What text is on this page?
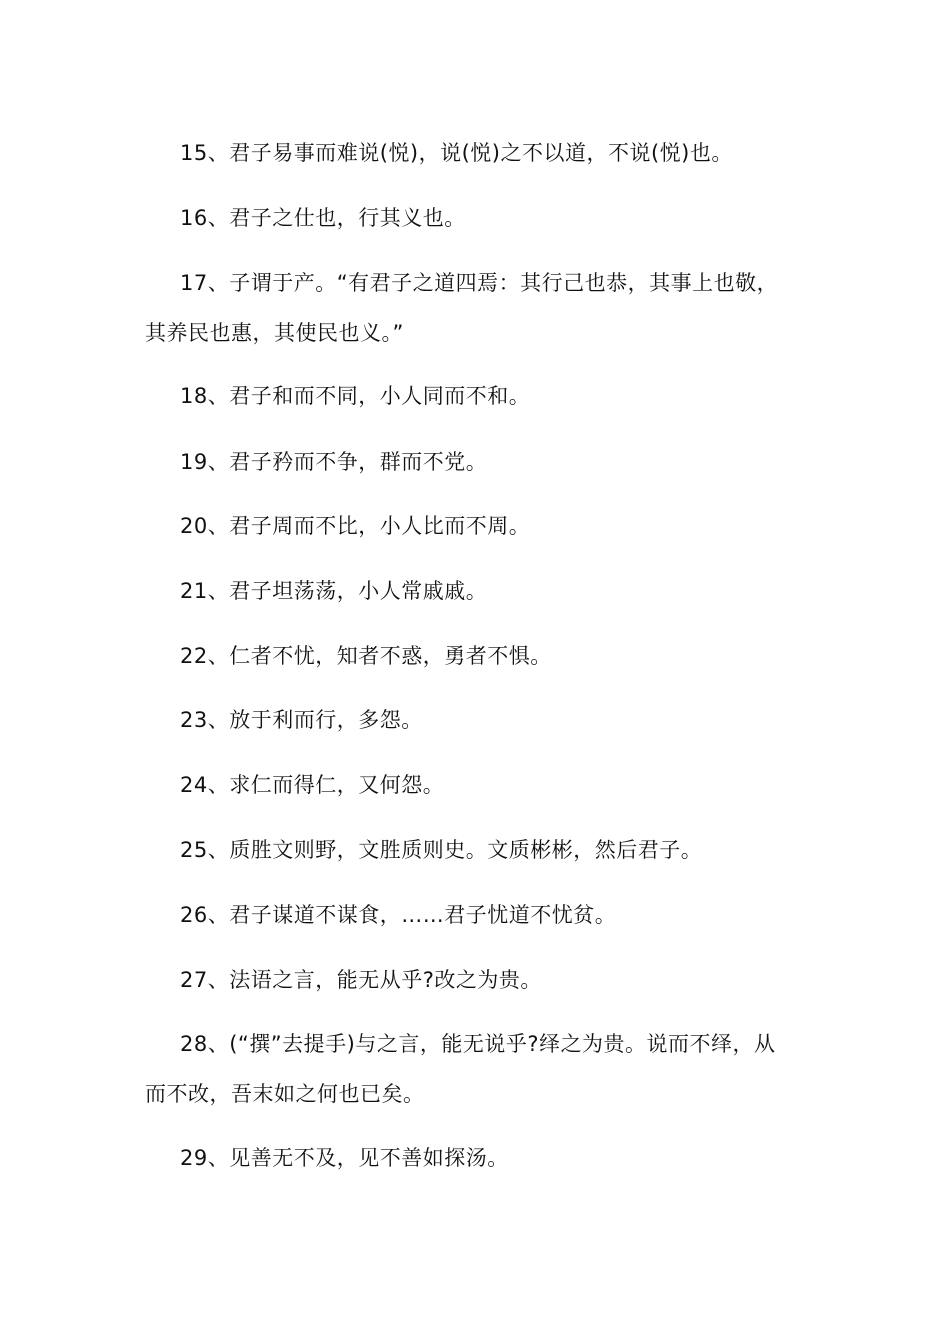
15、君子易事而难说(悦)，说(悦)之不以道，不说(悦)也。
16、君子之仕也，行其义也。
17、子谓于产。“有君子之道四焉：其行己也恭，其事上也敬，
其养民也惠，其使民也义。”
18、君子和而不同，小人同而不和。
19、君子矜而不争，群而不党。
20、君子周而不比，小人比而不周。
21、君子坦荡荡，小人常戚戚。
22、仁者不忧，知者不惑，勇者不惧。
23、放于利而行，多怨。
24、求仁而得仁，又何怨。
25、质胜文则野，文胜质则史。文质彬彬，然后君子。
26、君子谋道不谋食，……君子忧道不忧贫。
27、法语之言，能无从乎?改之为贵。
28、(“撰”去提手)与之言，能无说乎?绎之为贵。说而不绎，从
而不改，吾末如之何也已矣。
29、见善无不及，见不善如探汤。
